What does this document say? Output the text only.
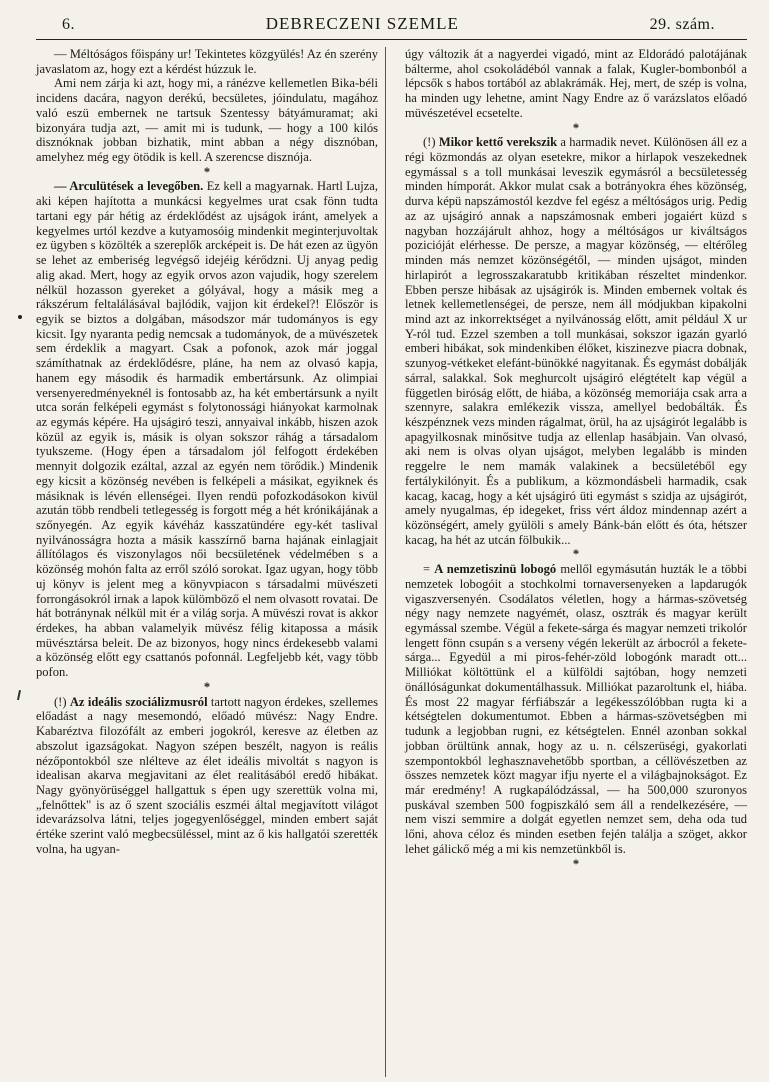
6.	DEBRECZENI SZEMLE	29. szám.

— Méltóságos főispány ur! Tekintetes közgyülés! Az én szerény javaslatom az, hogy ezt a kérdést húzzuk le.

Ami nem zárja ki azt, hogy mi, a ránézve kellemetlen Bika-béli incidens dacára, nagyon derékú, becsületes, jóindulatu, magához való eszü embernek ne tartsuk Szentessy bátyámuramat; aki bizonyára tudja azt, — amit mi is tudunk, — hogy a 100 kilós disznóknak jobban bizhatik, mint abban a négy disznóban, amelyhez még egy ötödik is kell. A szerencse disznója.

*

— Arculütések a levegőben. Ez kell a magyarnak. Hartl Lujza, aki képen hajította a munkácsi kegyelmes urat csak fönn tudta tartani egy pár hétig az érdeklődést az ujságok iránt, amelyek a kegyelmes urtól kezdve a kutyamosóig mindenkit meginterjuvoltak ez ügyben s közölték a szereplők arcképeit is. De hát ezen az ügyön se lehet az emberiség legvégső idejéig kérődzni. Uj anyag pedig alig akad. Mert, hogy az egyik orvos azon vajudik, hogy szerelem nélkül hozasson gyereket a gólyával, hogy a másik meg a rákszérum feltalálásával bajlódik, vajjon kit érdekel?! Először is egyik se biztos a dolgában, másodszor már tudományos is egy kicsit. Igy nyaranta pedig nemcsak a tudományok, de a müvészetek sem érdeklik a magyart. Csak a pofonok, azok már joggal számíthatnak az érdeklődésre, pláne, ha nem az olvasó kapja, hanem egy második és harmadik embertársunk. Az olimpiai versenyeredményeknél is fontosabb az, ha két embertársunk a nyilt utca során felképeli egymást s folytonossági hiányokat karmolnak az egymás képére. Ha ujságiró teszi, annyaival inkább, hiszen azok közül az egyik is, másik is olyan sokszor ráhág a társadalom tyukszeme. (Hogy épen a társadalom jól felfogott érdekében mennyit dolgozik ezáltal, azzal az egyén nem törődik.) Mindenik egy kicsit a közönség nevében is felképeli a másikat, egyiknek és másiknak is lévén ellenségei. Ilyen rendü pofozkodásokon kivül azután több rendbeli tetlegesség is forgott még a hét krónikájának a szőnyegén. Az egyik kávéház kasszatündére egy-két taslival nyilvánosságra hozta a másik kasszírnő barna hajának einlagjait állítólagos és viszonylagos női becsületének védelmében s a közönség mohón falta az erről szóló sorokat. Igaz ugyan, hogy több uj könyv is jelent meg a könyvpiacon s társadalmi müvészeti forrongásokról irnak a lapok külömböző el nem olvasott rovatai. De hát botránynak nélkül mit ér a világ sorja. A müvészi rovat is akkor érdekes, ha abban valamelyik müvész félig kitapossa a másik müvésztársa beleit. De az bizonyos, hogy nincs érdekesebb valami a közönség előtt egy csattanós pofonnál. Legfeljebb két, vagy több pofon.

*

(!) Az ideális szociálizmusról tartott nagyon érdekes, szellemes előadást a nagy mesemondó, előadó müvész: Nagy Endre. Kabaréztva filozófált az emberi jogokról, keresve az életben az abszolut igazságokat. Nagyon szépen beszélt, nagyon is reális nézőpontokból sze nlélteve az élet ideális mivoltát s nagyon is idealisan akarva megjavitani az élet realitásából eredő hibákat. Nagy gyönyörüséggel hallgattuk s épen ugy szerettük volna mi, „felnőttek" is az ő szent szociális eszméi által megjavított világot idevarázsolva látni, teljes jogegyenlőséggel, minden embert saját értéke szerint való megbecsüléssel, mint az ő kis hallgatói szerették volna, ha ugyan-

úgy változik át a nagyerdei vigadó, mint az Eldorádó palotájának bálterme, ahol csokoládéból vannak a falak, Kugler-bombonból a lépcsők s habos tortából az ablakrámák. Hej, mert, de szép is volna, ha minden ugy lehetne, amint Nagy Endre az ő varázslatos előadó müvészetével ecsetelte.

*

(!) Mikor kettő verekszik a harmadik nevet. Különösen áll ez a régi közmondás az olyan esetekre, mikor a hirlapok veszekednek egymással s a toll munkásai leveszik egymásról a becsületesség minden hímporát. Akkor mulat csak a botrányokra éhes közönség, durva képü napszámostól kezdve fel egész a méltóságos urig. Pedig az az ujságiró annak a napszámosnak emberi jogaiért küzd s nagyban hozzájárult ahhoz, hogy a méltóságos ur kiváltságos pozicióját elérhesse. De persze, a magyar közönség, — eltérőleg minden más nemzet közönségétől, — minden ujságot, minden hirlapirót a legrosszakaratubb kritikában részeltet mindenkor. Ebben persze hibásak az ujságirók is. Minden embernek voltak és letnek kellemetlenségei, de persze, nem áll módjukban kipakolni mind azt az inkorrektséget a nyilvánosság előtt, amit például X ur Y-ról tud. Ezzel szemben a toll munkásai, sokszor igazán gyarló emberi hibákat, sok mindenkiben élőket, kiszinezve piacra dobnak, szunyog-vétkeket elefánt-bünökké nagyitanak. És egymást dobálják sárral, salakkal. Sok meghurcolt ujságiró elégtételt kap végül a független biróság előtt, de hiába, a közönség memoriája csak arra a szennyre, salakra emlékezik vissza, amellyel bedobálták. És készpénznek vezs minden rágalmat, örül, ha az ujságirót legalább is apagyilkosnak minősitve tudja az ellenlap hasábjain. Van olvasó, aki nem is olvas olyan ujságot, melyben legalább is minden reggelre le nem mamák valakinek a becsületéből egy fertálykilónyit. És a publikum, a közmondásbeli harmadik, csak kacag, kacag, hogy a két ujságiró üti egymást s szidja az ujságirót, amely nyugalmas, ép idegeket, friss vért áldoz mindennap azért a közönségért, amely gyülöli s amely Bánk-bán előtt és óta, hétszer kacag, ha hét az utcán fölbukik...

*

= A nemzetiszinü lobogó mellől egymásután huzták le a többi nemzetek lobogóit a stochkolmi tornaversenyeken a lapdarugók vigaszversenyén. Csodálatos véletlen, hogy a hármas-szövetség négy nagy nemzete nagyémét, olasz, osztrák és magyar került egymással szembe. Végül a fekete-sárga és magyar nemzeti trikolór lengett fönn csupán s a verseny végén lekerült az árbocról a fekete-sárga... Egyedül a mi piros-fehér-zöld lobogónk maradt ott... Milliókat költöttünk el a külföldi sajtóban, hogy nemzeti önállóságunkat dokumentálhassuk. Milliókat pazaroltunk el, hiába. És most 22 magyar férfiábszár a legékesszólóbban rugta ki a kétségtelen dokumentumot. Ebben a hármas-szövetségben mi tudunk a legjobban rugni, ez kétségtelen. Ennél azonban sokkal jobban örültünk annak, hogy az u. n. célszerüségi, gyakorlati szempontokból leghasznavehetőbb sportban, a céllövészetben az összes nemzetek közt magyar ifju nyerte el a világbajnokságot. Ez már eredmény! A rugkapálódzással, — ha 500,000 szuronyos puskával szemben 500 fogpiszkáló sem áll a rendelkezésére, — nem viszi semmire a dolgát egyetlen nemzet sem, deha oda tud lőni, ahova céloz és minden esetben fején találja a szöget, akkor lehet gálickő még a mi kis nemzetünkből is.

*
